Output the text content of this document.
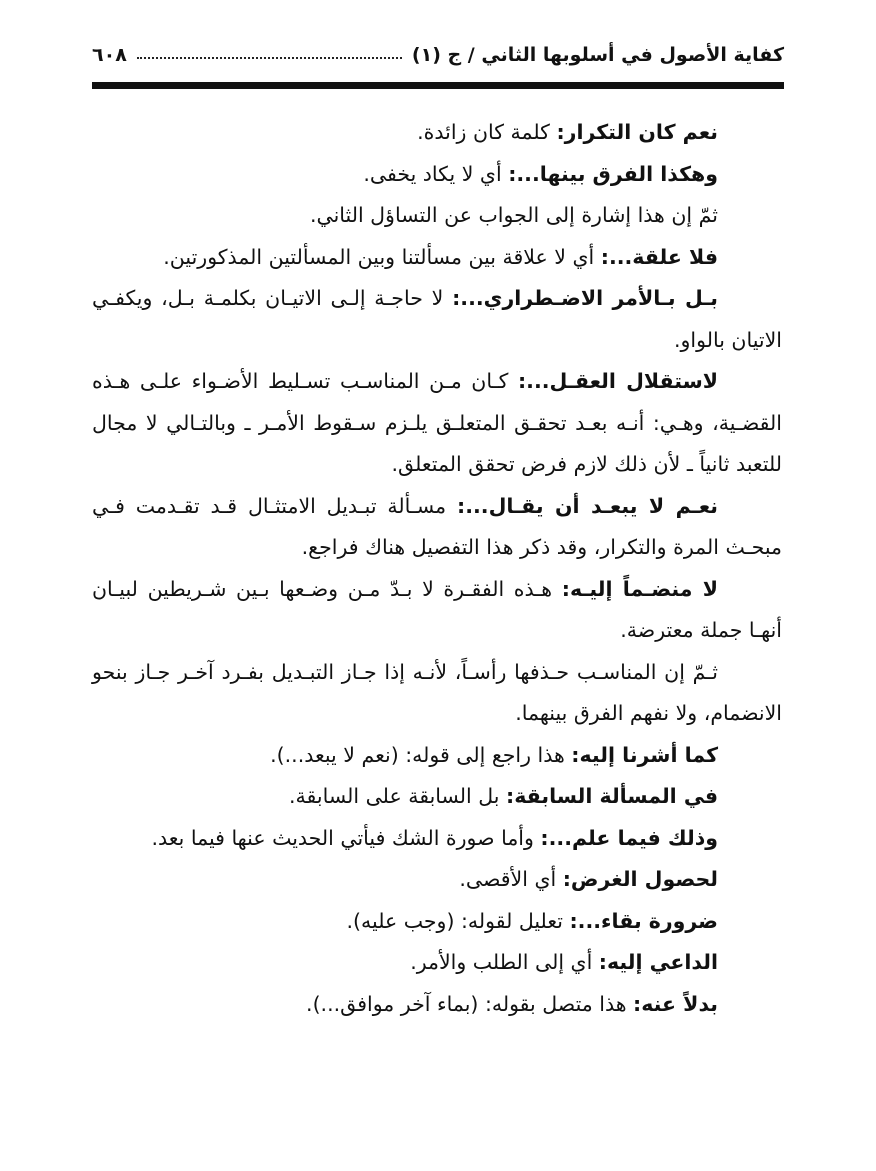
كفاية الأصول في أسلوبها الثاني / ج (١)
٦٠٨

نعم كان التكرار: كلمة كان زائدة.

وهكذا الفرق بينها...: أي لا يكاد يخفى.

ثمّ إن هذا إشارة إلى الجواب عن التساؤل الثاني.

فلا علقة...: أي لا علاقة بين مسألتنا وبين المسألتين المذكورتين.

بـل بـالأمر الاضـطراري...: لا حاجـة إلـى الاتيـان بكلمـة بـل، ويكفـي الاتيان بالواو.

لاستقلال العقـل...: كـان مـن المناسـب تسـليط الأضـواء علـى هـذه القضـية، وهـي: أنـه بعـد تحقـق المتعلـق يلـزم سـقوط الأمـر ـ وبالتـالي لا مجال للتعبد ثانياً ـ لأن ذلك لازم فرض تحقق المتعلق.

نعـم لا يبعـد أن يقـال...: مسـألة تبـديل الامتثـال قـد تقـدمت فـي مبحـث المرة والتكرار، وقد ذكر هذا التفصيل هناك فراجع.

لا منضـماً إليـه: هـذه الفقـرة لا بـدّ مـن وضـعها بـين شـريطين لبيـان أنهـا جملة معترضة.

ثـمّ إن المناسـب حـذفها رأسـاً، لأنـه إذا جـاز التبـديل بفـرد آخـر جـاز بنحو الانضمام، ولا نفهم الفرق بينهما.

كما أشرنا إليه: هذا راجع إلى قوله: (نعم لا يبعد...).

في المسألة السابقة: بل السابقة على السابقة.

وذلك فيما علم...: وأما صورة الشك فيأتي الحديث عنها فيما بعد.

لحصول الغرض: أي الأقصى.

ضرورة بقاء...: تعليل لقوله: (وجب عليه).

الداعي إليه: أي إلى الطلب والأمر.

بدلاً عنه: هذا متصل بقوله: (بماء آخر موافق...).
